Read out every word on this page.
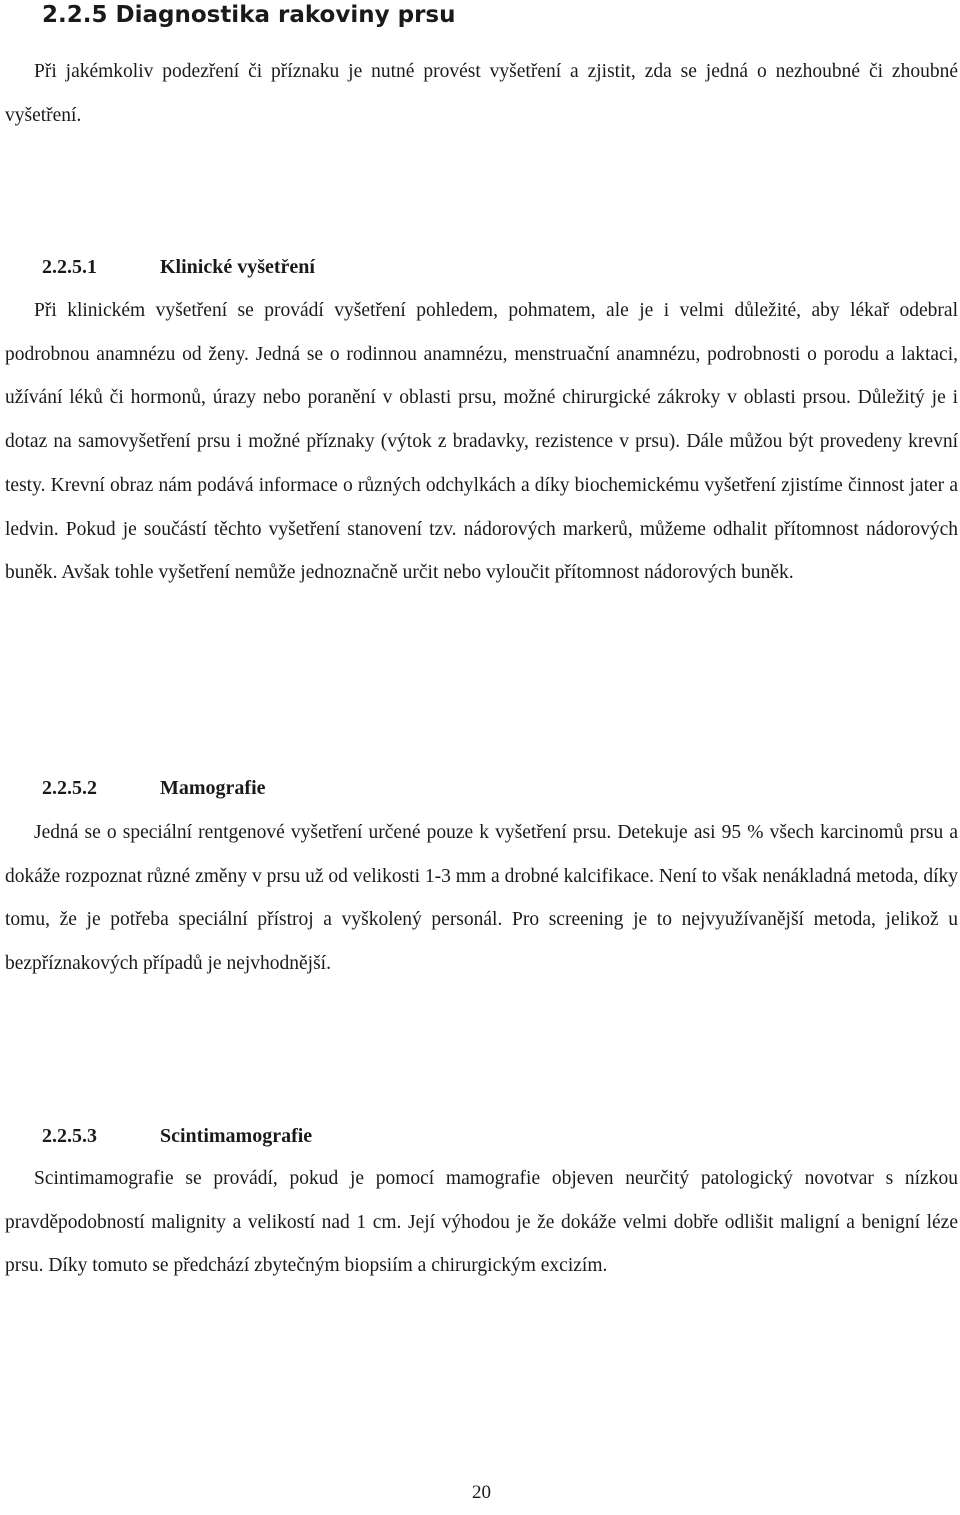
2.2.5 Diagnostika rakoviny prsu

Při jakémkoliv podezření či příznaku je nutné provést vyšetření a zjistit, zda se jedná o nezhoubné či zhoubné vyšetření.

2.2.5.1	Klinické vyšetření

Při klinickém vyšetření se provádí vyšetření pohledem, pohmatem, ale je i velmi důležité, aby lékař odebral podrobnou anamnézu od ženy. Jedná se o rodinnou anamnézu, menstruační anamnézu, podrobnosti o porodu a laktaci, užívání léků či hormonů, úrazy nebo poranění v oblasti prsu, možné chirurgické zákroky v oblasti prsou. Důležitý je i dotaz na samovyšetření prsu i možné příznaky (výtok z bradavky, rezistence v prsu). Dále můžou být provedeny krevní testy. Krevní obraz nám podává informace o různých odchylkách a díky biochemickému vyšetření zjistíme činnost jater a ledvin. Pokud je součástí těchto vyšetření stanovení tzv. nádorových markerů, můžeme odhalit přítomnost nádorových buněk. Avšak tohle vyšetření nemůže jednoznačně určit nebo vyloučit přítomnost nádorových buněk.

2.2.5.2	Mamografie

Jedná se o speciální rentgenové vyšetření určené pouze k vyšetření prsu. Detekuje asi 95 % všech karcinomů prsu a dokáže rozpoznat různé změny v prsu už od velikosti 1-3 mm a drobné kalcifikace. Není to však nenákladná metoda, díky tomu, že je potřeba speciální přístroj a vyškolený personál. Pro screening je to nejvyužívanější metoda, jelikož u bezpříznakových případů je nejvhodnější.

2.2.5.3	Scintimamografie

Scintimamografie se provádí, pokud je pomocí mamografie objeven neurčitý patologický novotvar s nízkou pravděpodobností malignity a velikostí nad 1 cm. Její výhodou je že dokáže velmi dobře odlišit maligní a benigní léze prsu. Díky tomuto se předchází zbytečným biopsiím a chirurgickým excizím.

20
